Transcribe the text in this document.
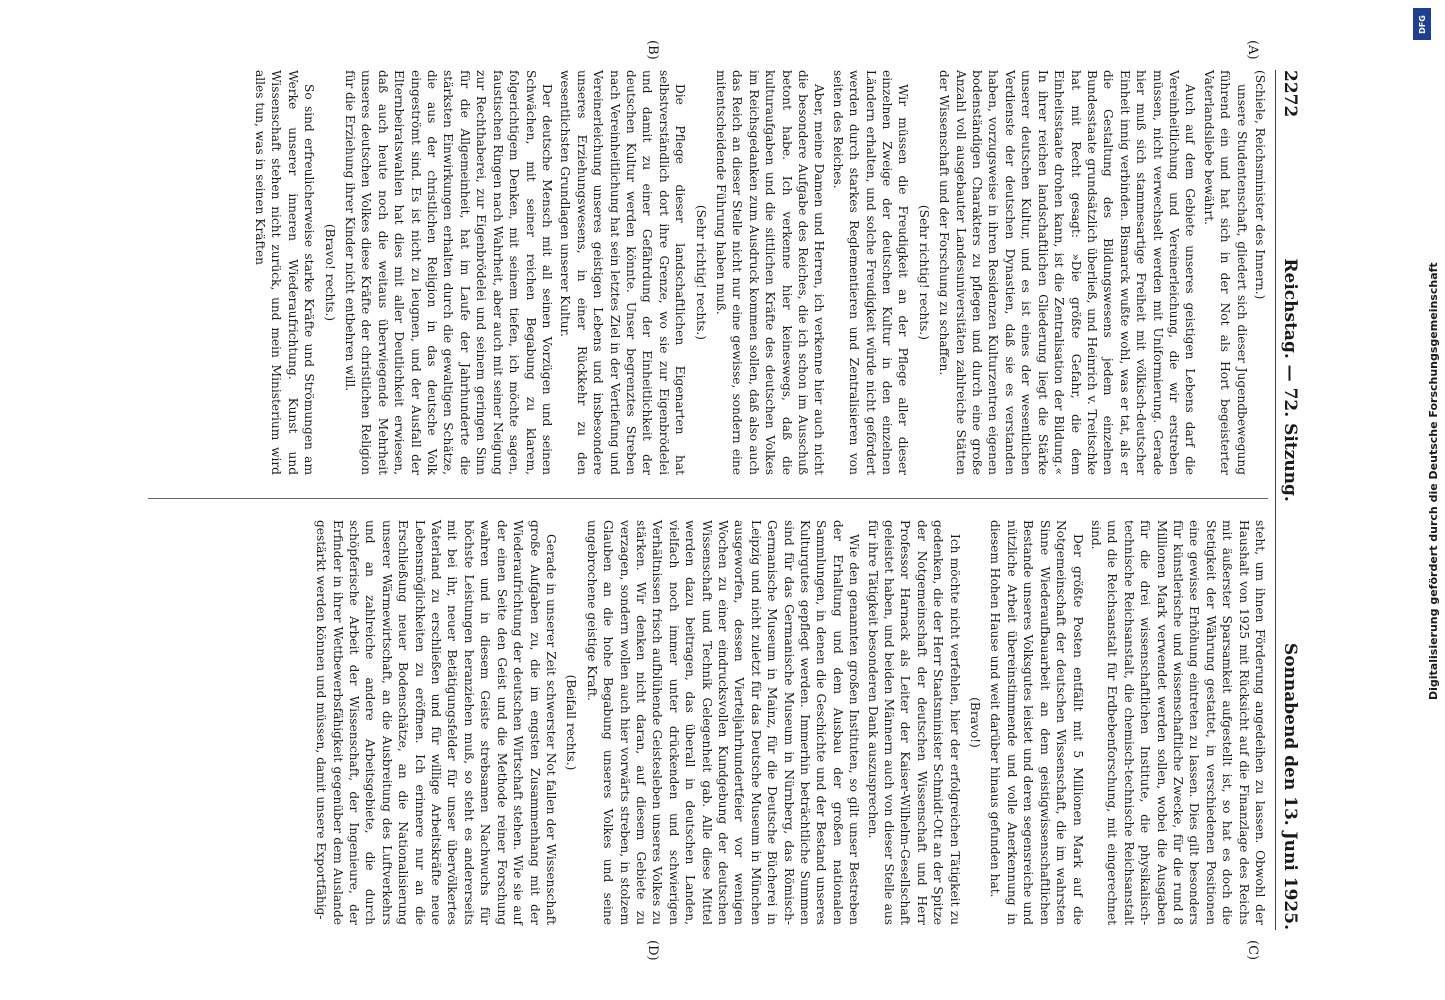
2272
Reichstag. — 72. Sitzung.
Sonnabend den 13. Juni 1925.

(Schiele, Reichsminister des Innern.)

unsere Studentenschaft, gliedert sich dieser Jugendbewegung führend ein und hat sich in der Not als Hort begeisterter Vaterlandsliebe bewährt.

Auch auf dem Gebiete unseres geistigen Lebens darf die Vereinheitlichung und Vereinerleichung, die wir erstreben müssen, nicht verwechselt werden mit Uniformierung. Gerade hier muß sich stammesartige Freiheit mit völkisch-deutscher Einheit innig verbinden. Bismarck wußte wohl, was er tat, als er die Gestaltung des Bildungswesens jedem einzelnen Bundesstaate grundsätzlich überließ, und Heinrich v. Treitschke hat mit Recht gesagt: »Die größte Gefahr, die dem Einheitsstaate drohen kann, ist die Zentralisation der Bildung.« In ihrer reichen landschaftlichen Gliederung liegt die Stärke unserer deutschen Kultur, und es ist eines der wesentlichen Verdienste der deutschen Dynastien, daß sie es verstanden haben, vorzugsweise in ihren Residenzen Kulturzentren eigenen bodenständigen Charakters zu pflegen und durch eine große Anzahl voll ausgebauter Landesuniversitäten zahlreiche Stätten der Wissenschaft und der Forschung zu schaffen.

(Sehr richtig! rechts.)

Wir müssen die Freudigkeit an der Pflege aller dieser einzelnen Zweige der deutschen Kultur in den einzelnen Ländern erhalten, und solche Freudigkeit würde nicht gefördert werden durch starkes Reglementieren und Zentralisieren von seiten des Reiches.

Aber, meine Damen und Herren, ich verkenne hier auch nicht die besondere Aufgabe des Reiches, die ich schon im Ausschuß betont habe. Ich verkenne hier keineswegs, daß die kulturaufgaben und die sittlichen Kräfte des deutschen Volkes im Reichsgedanken zum Ausdruck kommen sollen, daß also auch das Reich an dieser Stelle nicht nur eine gewisse, sondern eine mitentscheidende Führung haben muß.

(Sehr richtig! rechts.)

Die Pflege dieser landschaftlichen Eigenarten hat selbstverständlich dort ihre Grenze, wo sie zur Eigenbrödelei und damit zu einer Gefährdung der Einheitlichkeit der deutschen Kultur werden könnte. Unser begrenztes Streben nach Vereinheitlichung hat sein letztes Ziel in der Vertiefung und Vereinerleichung unseres geistigen Lebens und insbesondere unseres Erziehungswesens, in einer Rückkehr zu den wesentlichsten Grundlagen unserer Kultur.

Der deutsche Mensch mit all seinen Vorzügen und seinen Schwächen, mit seiner reichen Begabung zu klarem, folgerichtigem Denken, mit seinem tiefen, ich möchte sagen, faustischen Ringen nach Wahrheit, aber auch mit seiner Neigung zur Rechthaberei, zur Eigenbrödelei und seinem geringen Sinn für die Allgemeinheit, hat im Laufe der Jahrhunderte die stärksten Einwirkungen erhalten durch die gewaltigen Schätze, die aus der christlichen Religion in das deutsche Volk eingeströmt sind. Es ist nicht zu leugnen, und der Ausfall der Elternbeiratswahlen hat dies mit aller Deutlichkeit erwiesen, daß auch heute noch die weitaus überwiegende Mehrheit unseres deutschen Volkes diese Kräfte der christlichen Religion für die Erziehung ihrer Kinder nicht entbehren will.

(Bravo! rechts.)

So sind erfreulicherweise starke Kräfte und Strömungen am Werke unserer inneren Wiederaufrichtung. Kunst und Wissenschaft stehen nicht zurück, und mein Ministerium wird alles tun, was in seinen Kräften

steht, um ihnen Förderung angedeihen zu lassen. Obwohl der Haushalt von 1925 mit Rücksicht auf die Finanzlage des Reichs mit äußerster Sparsamkeit aufgestellt ist, so hat es doch die Stetigkeit der Währung gestattet, in verschiedenen Positionen eine gewisse Erhöhung eintreten zu lassen. Dies gilt besonders für künstlerische und wissenschaftliche Zwecke, für die rund 8 Millionen Mark verwendet werden sollen, wobei die Ausgaben für die drei wissenschaftlichen Institute, die physikalisch-technische Reichsanstalt, die chemisch-technische Reichsanstalt und die Reichsanstalt für Erdbebenforschung, mit eingerechnet sind.

Der größte Posten entfällt mit 5 Millionen Mark auf die Notgemeinschaft der deutschen Wissenschaft, die im wahrsten Sinne Wiederaufbauarbeit an dem geistigwissenschaftlichen Bestande unseres Volksgutes leistet und deren segensreiche und nützliche Arbeit übereinstimmende und volle Anerkennung in diesem Hohen Hause und weit darüber hinaus gefunden hat.

(Bravo!)

Ich möchte nicht verfehlen, hier der erfolgreichen Tätigkeit zu gedenken, die der Herr Staatsminister Schmidt-Ott an der Spitze der Notgemeinschaft der deutschen Wissenschaft und Herr Professor Harnack als Leiter der Kaiser-Wilhelm-Gesellschaft geleistet haben, und beiden Männern auch von dieser Stelle aus für ihre Tätigkeit besonderen Dank auszusprechen.

Wie den genannten großen Instituten, so gilt unser Bestreben der Erhaltung und dem Ausbau der großen nationalen Sammlungen, in denen die Geschichte und der Bestand unseres Kulturgutes gepflegt werden. Immerhin beträchtliche Summen sind für das Germanische Museum in Nürnberg, das Römisch-Germanische Museum in Mainz, für die Deutsche Bücherei in Leipzig und nicht zuletzt für das Deutsche Museum in München ausgeworfen, dessen Vierteljahrhundertfeier vor wenigen Wochen zu einer eindrucksvollen Kundgebung der deutschen Wissenschaft und Technik Gelegenheit gab. Alle diese Mittel werden dazu beitragen, das überall in deutschen Landen, vielfach noch immer unter drückenden und schwierigen Verhältnissen frisch aufblühende Geistesleben unseres Volkes zu stärken. Wir denken nicht daran, auf diesem Gebiete zu verzagen, sondern wollen auch hier vorwärts streben, in stolzem Glauben an die hohe Begabung unseres Volkes und seine ungebrochene geistige Kraft.

(Beifall rechts.)

Gerade in unserer Zeit schwerster Not fallen der Wissenschaft große Aufgaben zu, die im engsten Zusammenhang mit der Wiederaufrichtung der deutschen Wirtschaft stehen. Wie sie auf der einen Seite den Geist und die Methode reiner Forschung wahren und in diesem Geiste strebsamen Nachwuchs für höchste Leistungen heranziehen muß, so steht es andererseits mit bei ihr, neuer Betätigungsfelder für unser übervölkertes Vaterland zu erschließen und für willige Arbeitskräfte neue Lebensmöglichkeiten zu eröffnen. Ich erinnere nur an die Erschließung neuer Bodenschätze, an die Nationalisierung unserer Wärmewirtschaft, an die Ausbreitung des Luftverkehrs und an zahlreiche andere Arbeitsgebiete, die durch schöpferische Arbeit der Wissenschaft, der Ingenieure, der Erfinder in ihrer Wettbewerbsfähigkeit gegenüber dem Auslande gestärkt werden können und müssen, damit unsere Exportfähig-

(A)
(B)
(C)
(D)
DFG
Digitalisierung gefördert durch die Deutsche Forschungsgemeinschaft
